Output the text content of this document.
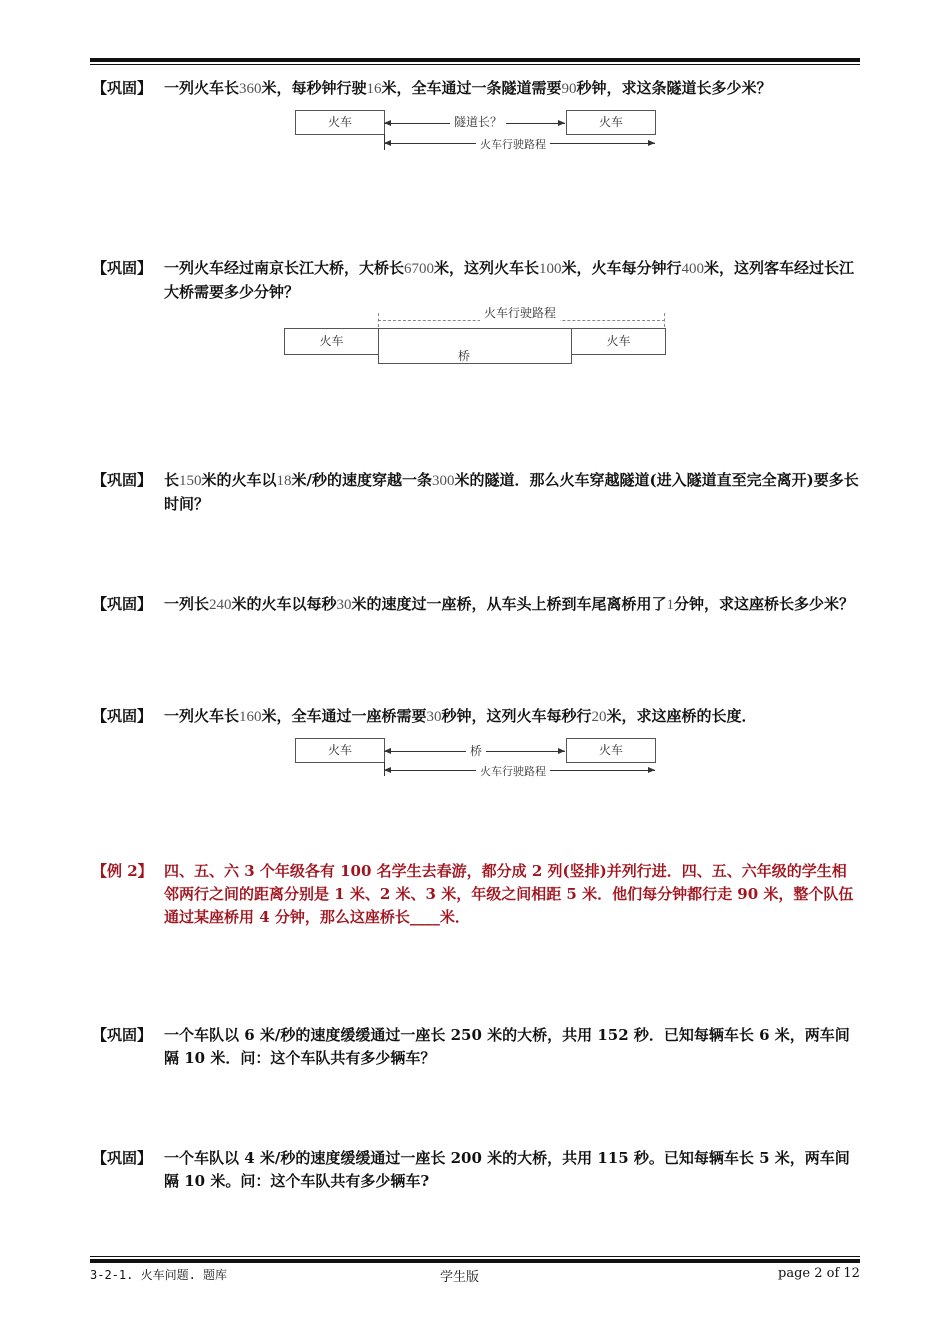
【巩固】 一列火车长360米，每秒钟行驶16米，全车通过一条隧道需要90秒钟，求这条隧道长多少米？
火车	火车
隧道长？
火车行驶路程
【巩固】 一列火车经过南京长江大桥，大桥长6700米，这列火车长100米，火车每分钟行400米，这列客车经过长江大桥需要多少分钟？
火车行驶路程
火车	火车
桥
【巩固】 长150米的火车以18米/秒的速度穿越一条300米的隧道．那么火车穿越隧道(进入隧道直至完全离开)要多长时间？
【巩固】 一列长240米的火车以每秒30米的速度过一座桥，从车头上桥到车尾离桥用了1分钟，求这座桥长多少米？
【巩固】 一列火车长160米，全车通过一座桥需要30秒钟，这列火车每秒行20米，求这座桥的长度．
火车	火车
桥
火车行驶路程
【例 2】 四、五、六 3 个年级各有 100 名学生去春游，都分成 2 列(竖排)并列行进．四、五、六年级的学生相邻两行之间的距离分别是 1 米、2 米、3 米，年级之间相距 5 米．他们每分钟都行走 90 米，整个队伍通过某座桥用 4 分钟，那么这座桥长____米．
【巩固】 一个车队以 6 米/秒的速度缓缓通过一座长 250 米的大桥，共用 152 秒．已知每辆车长 6 米，两车间隔 10 米．问：这个车队共有多少辆车？
【巩固】 一个车队以 4 米/秒的速度缓缓通过一座长 200 米的大桥，共用 115 秒。已知每辆车长 5 米，两车间隔 10 米。问：这个车队共有多少辆车?
3-2-1. 火车问题. 题库	学生版	page 2 of 12
